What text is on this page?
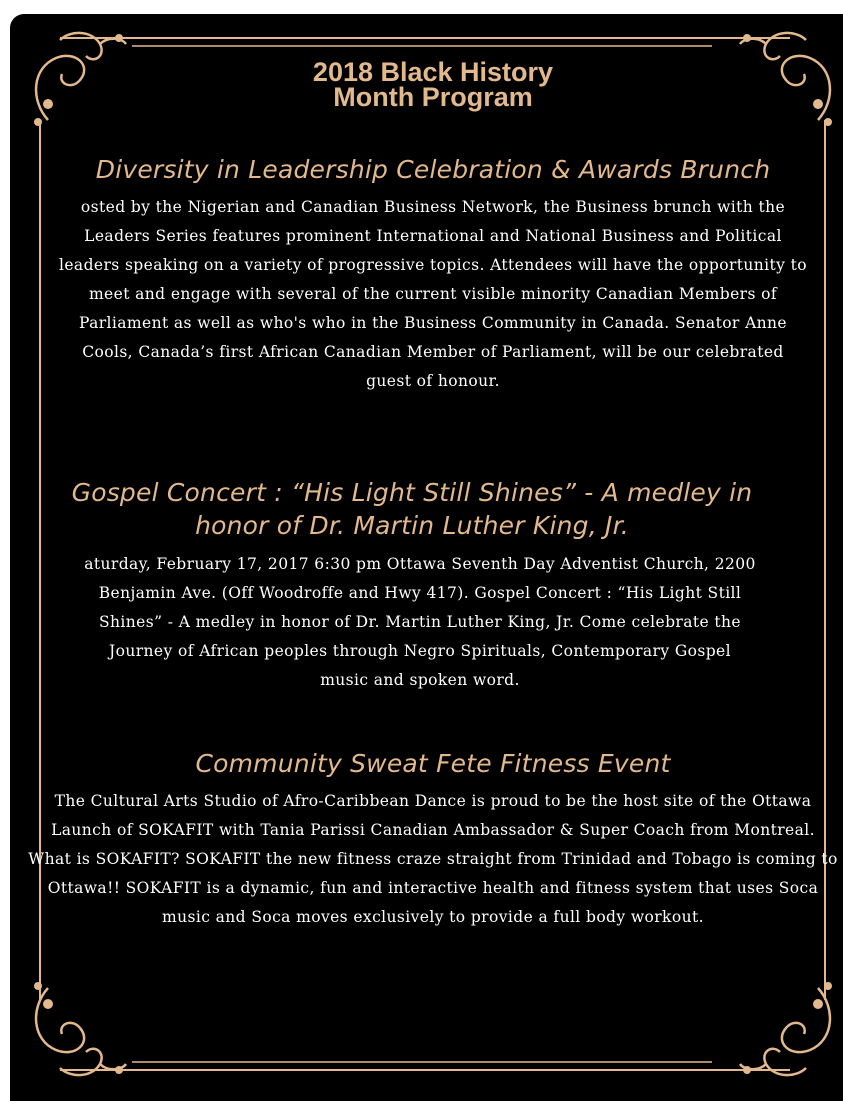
2018 Black History
Month Program
Diversity in Leadership Celebration & Awards Brunch
osted by the Nigerian and Canadian Business Network, the Business brunch with the Leaders Series features prominent International and National Business and Political leaders speaking on a variety of progressive topics. Attendees will have the opportunity to meet and engage with several of the current visible minority Canadian Members of Parliament as well as who's who in the Business Community in Canada. Senator Anne Cools, Canada’s first African Canadian Member of Parliament, will be our celebrated guest of honour.
Gospel Concert : “His Light Still Shines” - A medley in
honor of Dr. Martin Luther King, Jr.
aturday, February 17, 2017 6:30 pm Ottawa Seventh Day Adventist Church, 2200
Benjamin Ave. (Off Woodroffe and Hwy 417). Gospel Concert : “His Light Still
Shines” - A medley in honor of Dr. Martin Luther King, Jr. Come celebrate the
Journey of African peoples through Negro Spirituals, Contemporary Gospel
music and spoken word.
Community Sweat Fete Fitness Event
The Cultural Arts Studio of Afro-Caribbean Dance is proud to be the host site of the Ottawa Launch of SOKAFIT with Tania Parissi Canadian Ambassador & Super Coach from Montreal. What is SOKAFIT? SOKAFIT the new fitness craze straight from Trinidad and Tobago is coming to Ottawa!! SOKAFIT is a dynamic, fun and interactive health and fitness system that uses Soca music and Soca moves exclusively to provide a full body workout.
